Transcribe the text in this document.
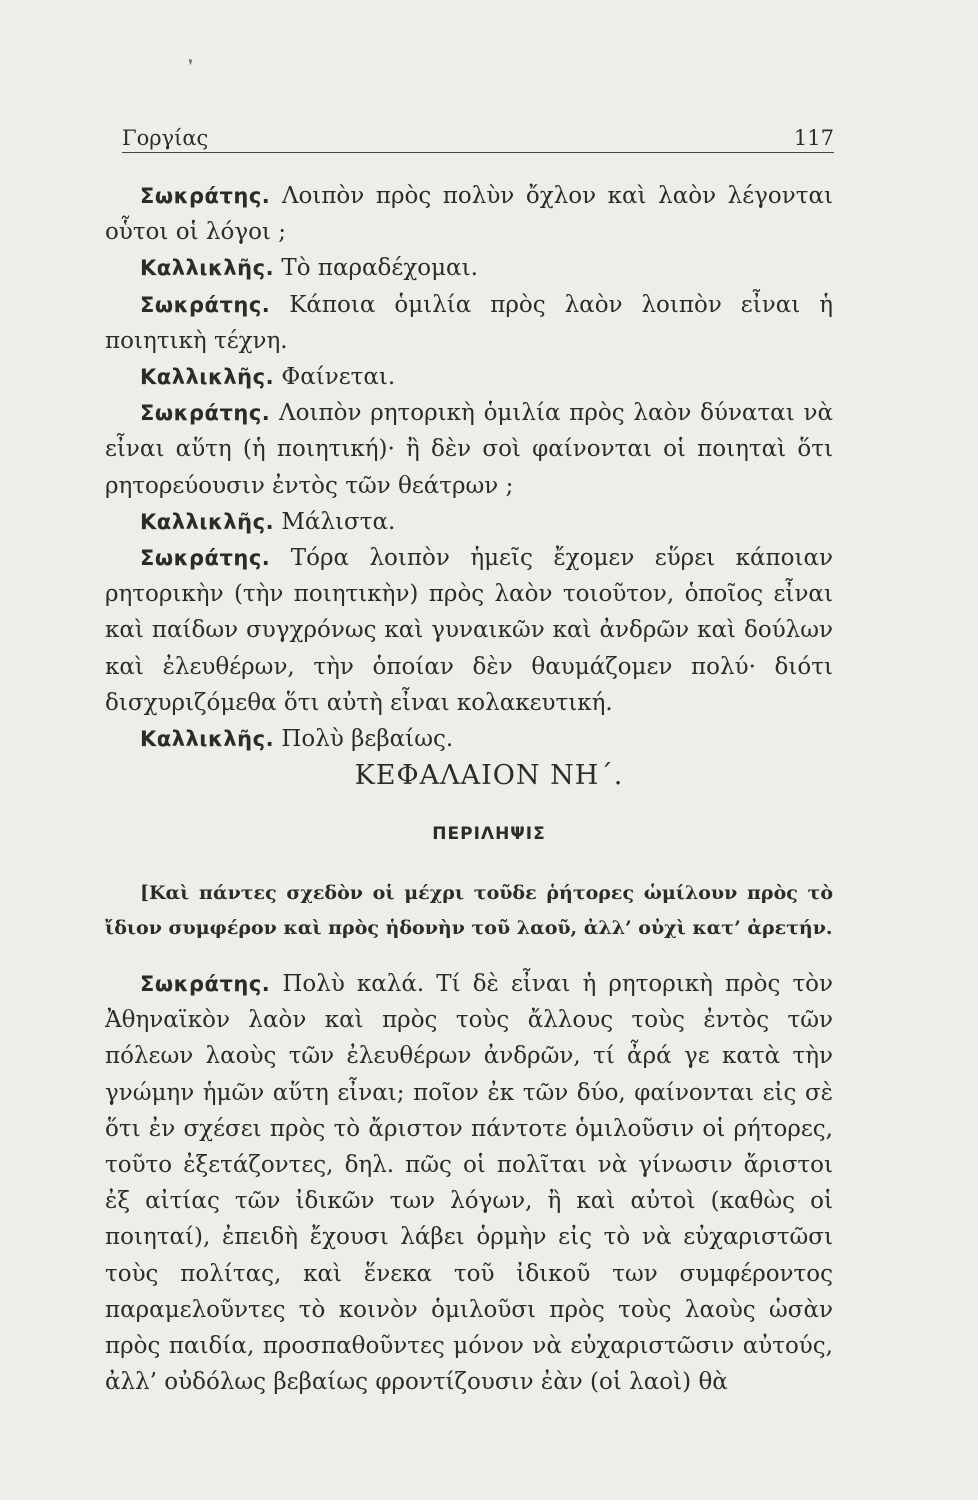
❜
Γοργίας	117

Σωκράτης. Λοιπὸν πρὸς πολὺν ὄχλον καὶ λαὸν λέγονται οὗτοι οἱ λόγοι ;

Καλλικλῆς. Τὸ παραδέχομαι.

Σωκράτης. Κάποια ὁμιλία πρὸς λαὸν λοιπὸν εἶναι ἡ ποιητικὴ τέχνη.

Καλλικλῆς. Φαίνεται.

Σωκράτης. Λοιπὸν ρητορικὴ ὁμιλία πρὸς λαὸν δύναται νὰ εἶναι αὕτη (ἡ ποιητική)· ἢ δὲν σοὶ φαίνονται οἱ ποιηταὶ ὅτι ρητορεύουσιν ἐντὸς τῶν θεάτρων ;

Καλλικλῆς. Μάλιστα.

Σωκράτης. Τόρα λοιπὸν ἡμεῖς ἔχομεν εὕρει κάποιαν ρητορικὴν (τὴν ποιητικὴν) πρὸς λαὸν τοιοῦτον, ὁποῖος εἶναι καὶ παίδων συγχρόνως καὶ γυναικῶν καὶ ἀνδρῶν καὶ δούλων καὶ ἐλευθέρων, τὴν ὁποίαν δὲν θαυμάζομεν πολύ· διότι δισχυριζόμεθα ὅτι αὐτὴ εἶναι κολακευτική.

Καλλικλῆς. Πολὺ βεβαίως.

ΚΕΦΑΛΑΙΟΝ ΝΗ΄.
ΠΕΡΙΛΗΨΙΣ

[Καὶ πάντες σχεδὸν οἱ μέχρι τοῦδε ῥήτορες ὡμίλουν πρὸς τὸ ἴδιον συμφέρον καὶ πρὸς ἡδονὴν τοῦ λαοῦ, ἀλλ’ οὐχὶ κατ’ ἀρετήν.

Σωκράτης. Πολὺ καλά. Τί δὲ εἶναι ἡ ρητορικὴ πρὸς τὸν Ἀθηναϊκὸν λαὸν καὶ πρὸς τοὺς ἄλλους τοὺς ἐντὸς τῶν πόλεων λαοὺς τῶν ἐλευθέρων ἀνδρῶν, τί ἆρά γε κατὰ τὴν γνώμην ἡμῶν αὕτη εἶναι; ποῖον ἐκ τῶν δύο, φαίνονται εἰς σὲ ὅτι ἐν σχέσει πρὸς τὸ ἄριστον πάντοτε ὁμιλοῦσιν οἱ ρήτορες, τοῦτο ἐξετάζοντες, δηλ. πῶς οἱ πολῖται νὰ γίνωσιν ἄριστοι ἐξ αἰτίας τῶν ἰδικῶν των λόγων, ἢ καὶ αὐτοὶ (καθὼς οἱ ποιηταί), ἐπειδὴ ἔχουσι λάβει ὁρμὴν εἰς τὸ νὰ εὐχαριστῶσι τοὺς πολίτας, καὶ ἕνεκα τοῦ ἰδικοῦ των συμφέροντος παραμελοῦντες τὸ κοινὸν ὁμιλοῦσι πρὸς τοὺς λαοὺς ὡσὰν πρὸς παιδία, προσπαθοῦντες μόνον νὰ εὐχαριστῶσιν αὐτούς, ἀλλ’ οὐδόλως βεβαίως φροντίζουσιν ἐὰν (οἱ λαοὶ) θὰ
